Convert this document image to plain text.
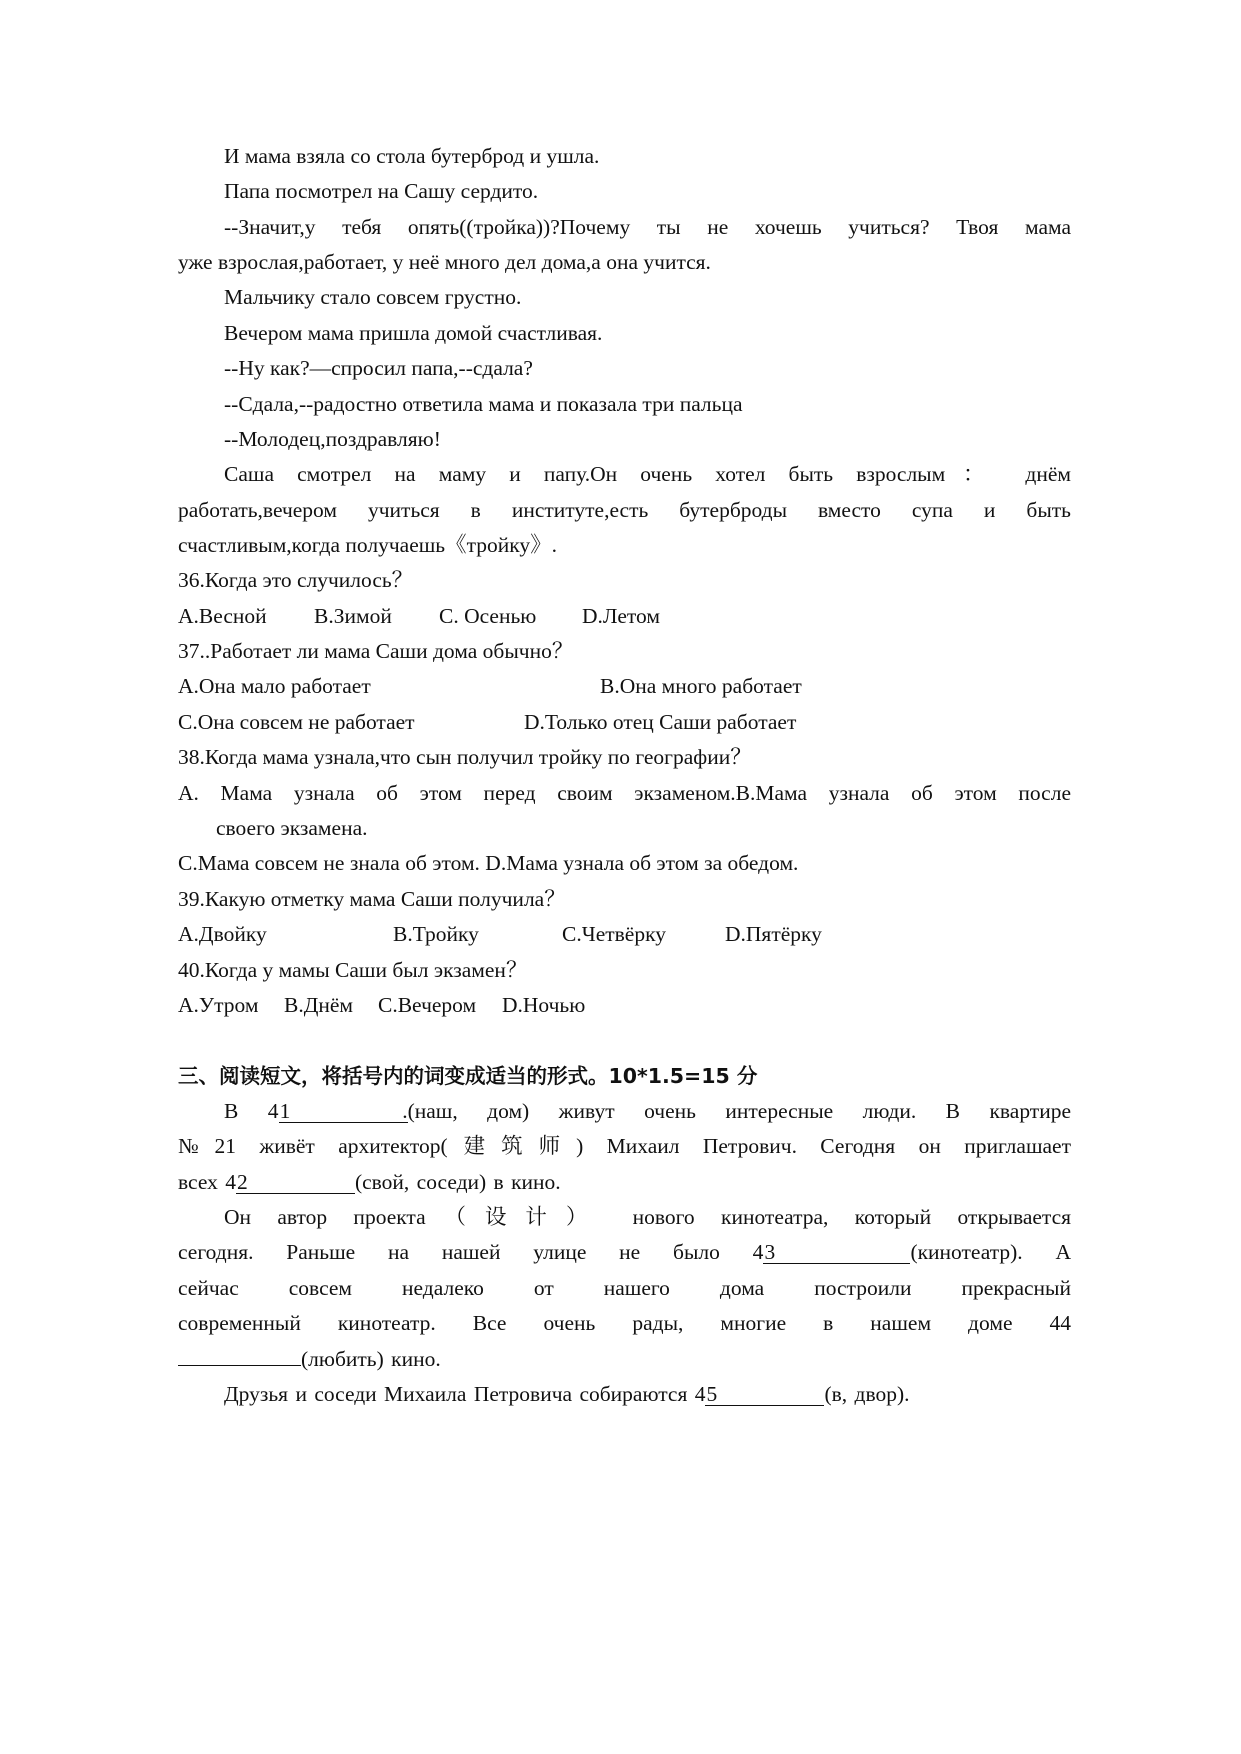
И мама взяла со стола бутерброд и ушла.
Папа посмотрел на Сашу сердито.
--Значит,у тебя опять((тройка))?Почему ты не хочешь учиться? Твоя мама
уже взрослая,работает, у неё много дел дома,а она учится.
Мальчику стало совсем грустно.
Вечером мама пришла домой счастливая.
--Ну как?—спросил папа,--сдала?
--Сдала,--радостно ответила мама и показала три пальца
--Молодец,поздравляю!
Саша смотрел на маму и папу.Он очень хотел быть взрослым： днём
работать,вечером учиться в институте,есть бутерброды вместо супа и быть
счастливым,когда получаешь《тройку》.
36.Когда это случилось？
A.Весной B.Зимой C. Осенью D.Летом
37..Работает ли мама Саши дома обычно？
A.Она мало работает	B.Она много работает
C.Она совсем не работает	D.Только отец Саши работает
38.Когда мама узнала,что сын получил тройку по географии？
A. Мама узнала об этом перед своим экзаменом.B.Мама узнала об этом после
своего экзамена.
C.Мама совсем не знала об этом. D.Мама узнала об этом за обедом.
39.Какую отметку мама Саши получила？
A.Двойку	B.Тройку	C.Четвёрку	D.Пятёрку
40.Когда у мамы Саши был экзамен？
A.Утром B.Днём C.Вечером D.Ночью
三、阅读短文，将括号内的词变成适当的形式。10*1.5=15 分
В 41 .(наш, дом) живут очень интересные люди. В квартире
№21 живёт архитектор(建筑师) Михаил Петрович. Сегодня он приглашает
всех 42	(свой, соседи) в кино.
Он автор проекта（设计） нового кинотеатра, который открывается
сегодня. Раньше на нашей улице не было 43	(кинотеатр). А
сейчас совсем недалеко от нашего дома построили прекрасный
современный кинотеатр. Все очень рады, многие в нашем доме 44
(любить) кино.
Друзья и соседи Михаила Петровича собираются 45	(в, двор).
